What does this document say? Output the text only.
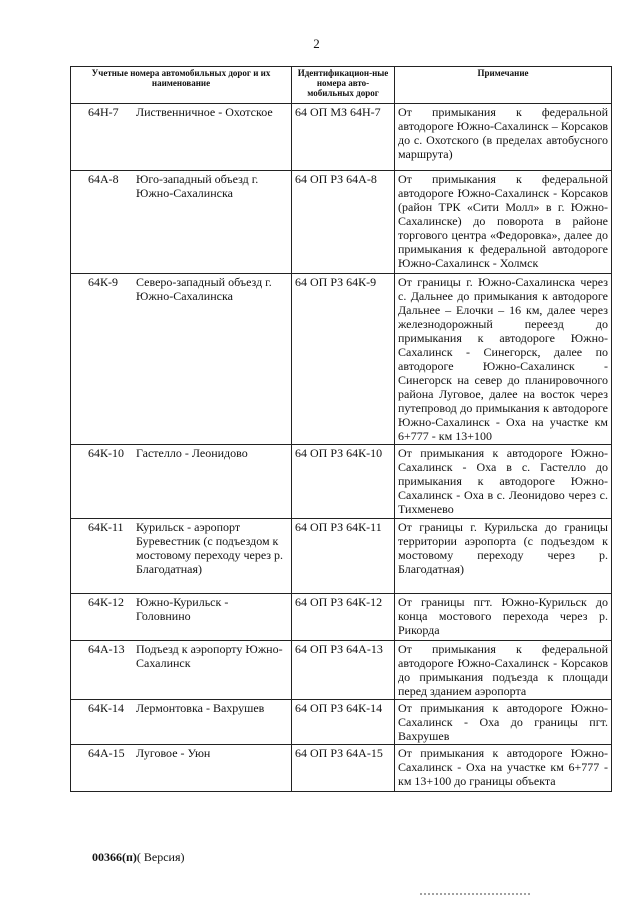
2
Учетные номера автомобильных дорог и их наименование	Идентификацион-ные номера авто-мобильных дорог	Примечание

64Н-7 Лиственничное - Охотское	64 ОП МЗ 64Н-7	От примыкания к федеральной автодороге Южно-Сахалинск – Корсаков до с. Охотского (в пределах автобусного маршрута)

64А-8 Юго-западный объезд г. Южно-Сахалинска	64 ОП РЗ 64А-8	От примыкания к федеральной автодороге Южно-Сахалинск - Корсаков (район ТРК «Сити Молл» в г. Южно-Сахалинске) до поворота в районе торгового центра «Федоровка», далее до примыкания к федеральной автодороге Южно-Сахалинск - Холмск

64К-9 Северо-западный объезд г. Южно-Сахалинска	64 ОП РЗ 64К-9	От границы г. Южно-Сахалинска через с. Дальнее до примыкания к автодороге Дальнее – Елочки – 16 км, далее через железнодорожный переезд до примыкания к автодороге Южно-Сахалинск - Синегорск, далее по автодороге Южно-Сахалинск - Синегорск на север до планировочного района Луговое, далее на восток через путепровод до примыкания к автодороге Южно-Сахалинск - Оха на участке км 6+777 - км 13+100

64К-10 Гастелло - Леонидово	64 ОП РЗ 64К-10	От примыкания к автодороге Южно-Сахалинск - Оха в с. Гастелло до примыкания к автодороге Южно-Сахалинск - Оха в с. Леонидово через с. Тихменево

64К-11 Курильск - аэропорт Буревестник (с подъездом к мостовому переходу через р. Благодатная)	64 ОП РЗ 64К-11	От границы г. Курильска до границы территории аэропорта (с подъездом к мостовому переходу через р. Благодатная)

64К-12 Южно-Курильск - Головнино	64 ОП РЗ 64К-12	От границы пгт. Южно-Курильск до конца мостового перехода через р. Рикорда

64А-13 Подъезд к аэропорту Южно-Сахалинск	64 ОП РЗ 64А-13	От примыкания к федеральной автодороге Южно-Сахалинск - Корсаков до примыкания подъезда к площади перед зданием аэропорта

64К-14 Лермонтовка - Вахрушев	64 ОП РЗ 64К-14	От примыкания к автодороге Южно-Сахалинск - Оха до границы пгт. Вахрушев

64А-15 Луговое - Уюн	64 ОП РЗ 64А-15	От примыкания к автодороге Южно-Сахалинск - Оха на участке км 6+777 - км 13+100 до границы объекта
00366(п)( Версия)
